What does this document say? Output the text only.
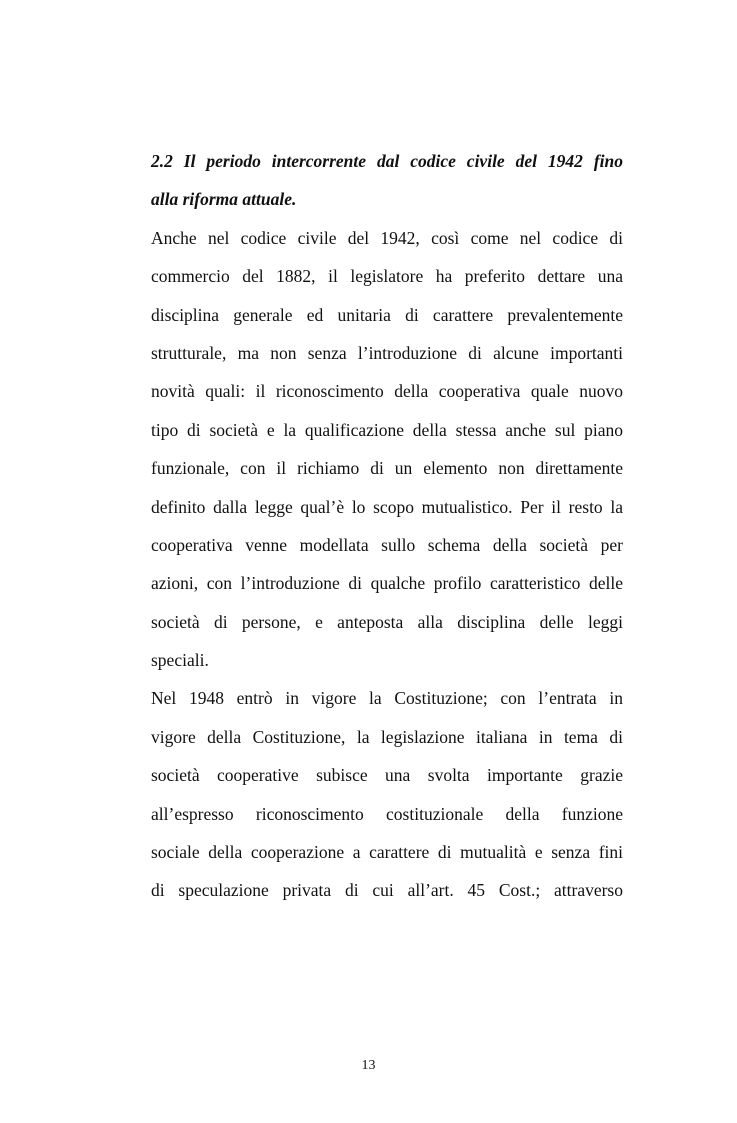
2.2 Il periodo intercorrente dal codice civile del 1942 fino
alla riforma attuale.
Anche nel codice civile del 1942, così come nel codice di
commercio del 1882, il legislatore ha preferito dettare una
disciplina generale ed unitaria di carattere prevalentemente
strutturale, ma non senza l’introduzione di alcune importanti
novità quali: il riconoscimento della cooperativa quale nuovo
tipo di società e la qualificazione della stessa anche sul piano
funzionale, con il richiamo di un elemento non direttamente
definito dalla legge qual’è lo scopo mutualistico. Per il resto la
cooperativa venne modellata sullo schema della società per
azioni, con l’introduzione di qualche profilo caratteristico delle
società di persone, e anteposta alla disciplina delle leggi
speciali.
Nel 1948 entrò in vigore la Costituzione; con l’entrata in
vigore della Costituzione, la legislazione italiana in tema di
società cooperative subisce una svolta importante grazie
all’espresso riconoscimento costituzionale della funzione
sociale della cooperazione a carattere di mutualità e senza fini
di speculazione privata di cui all’art. 45 Cost.; attraverso
13
